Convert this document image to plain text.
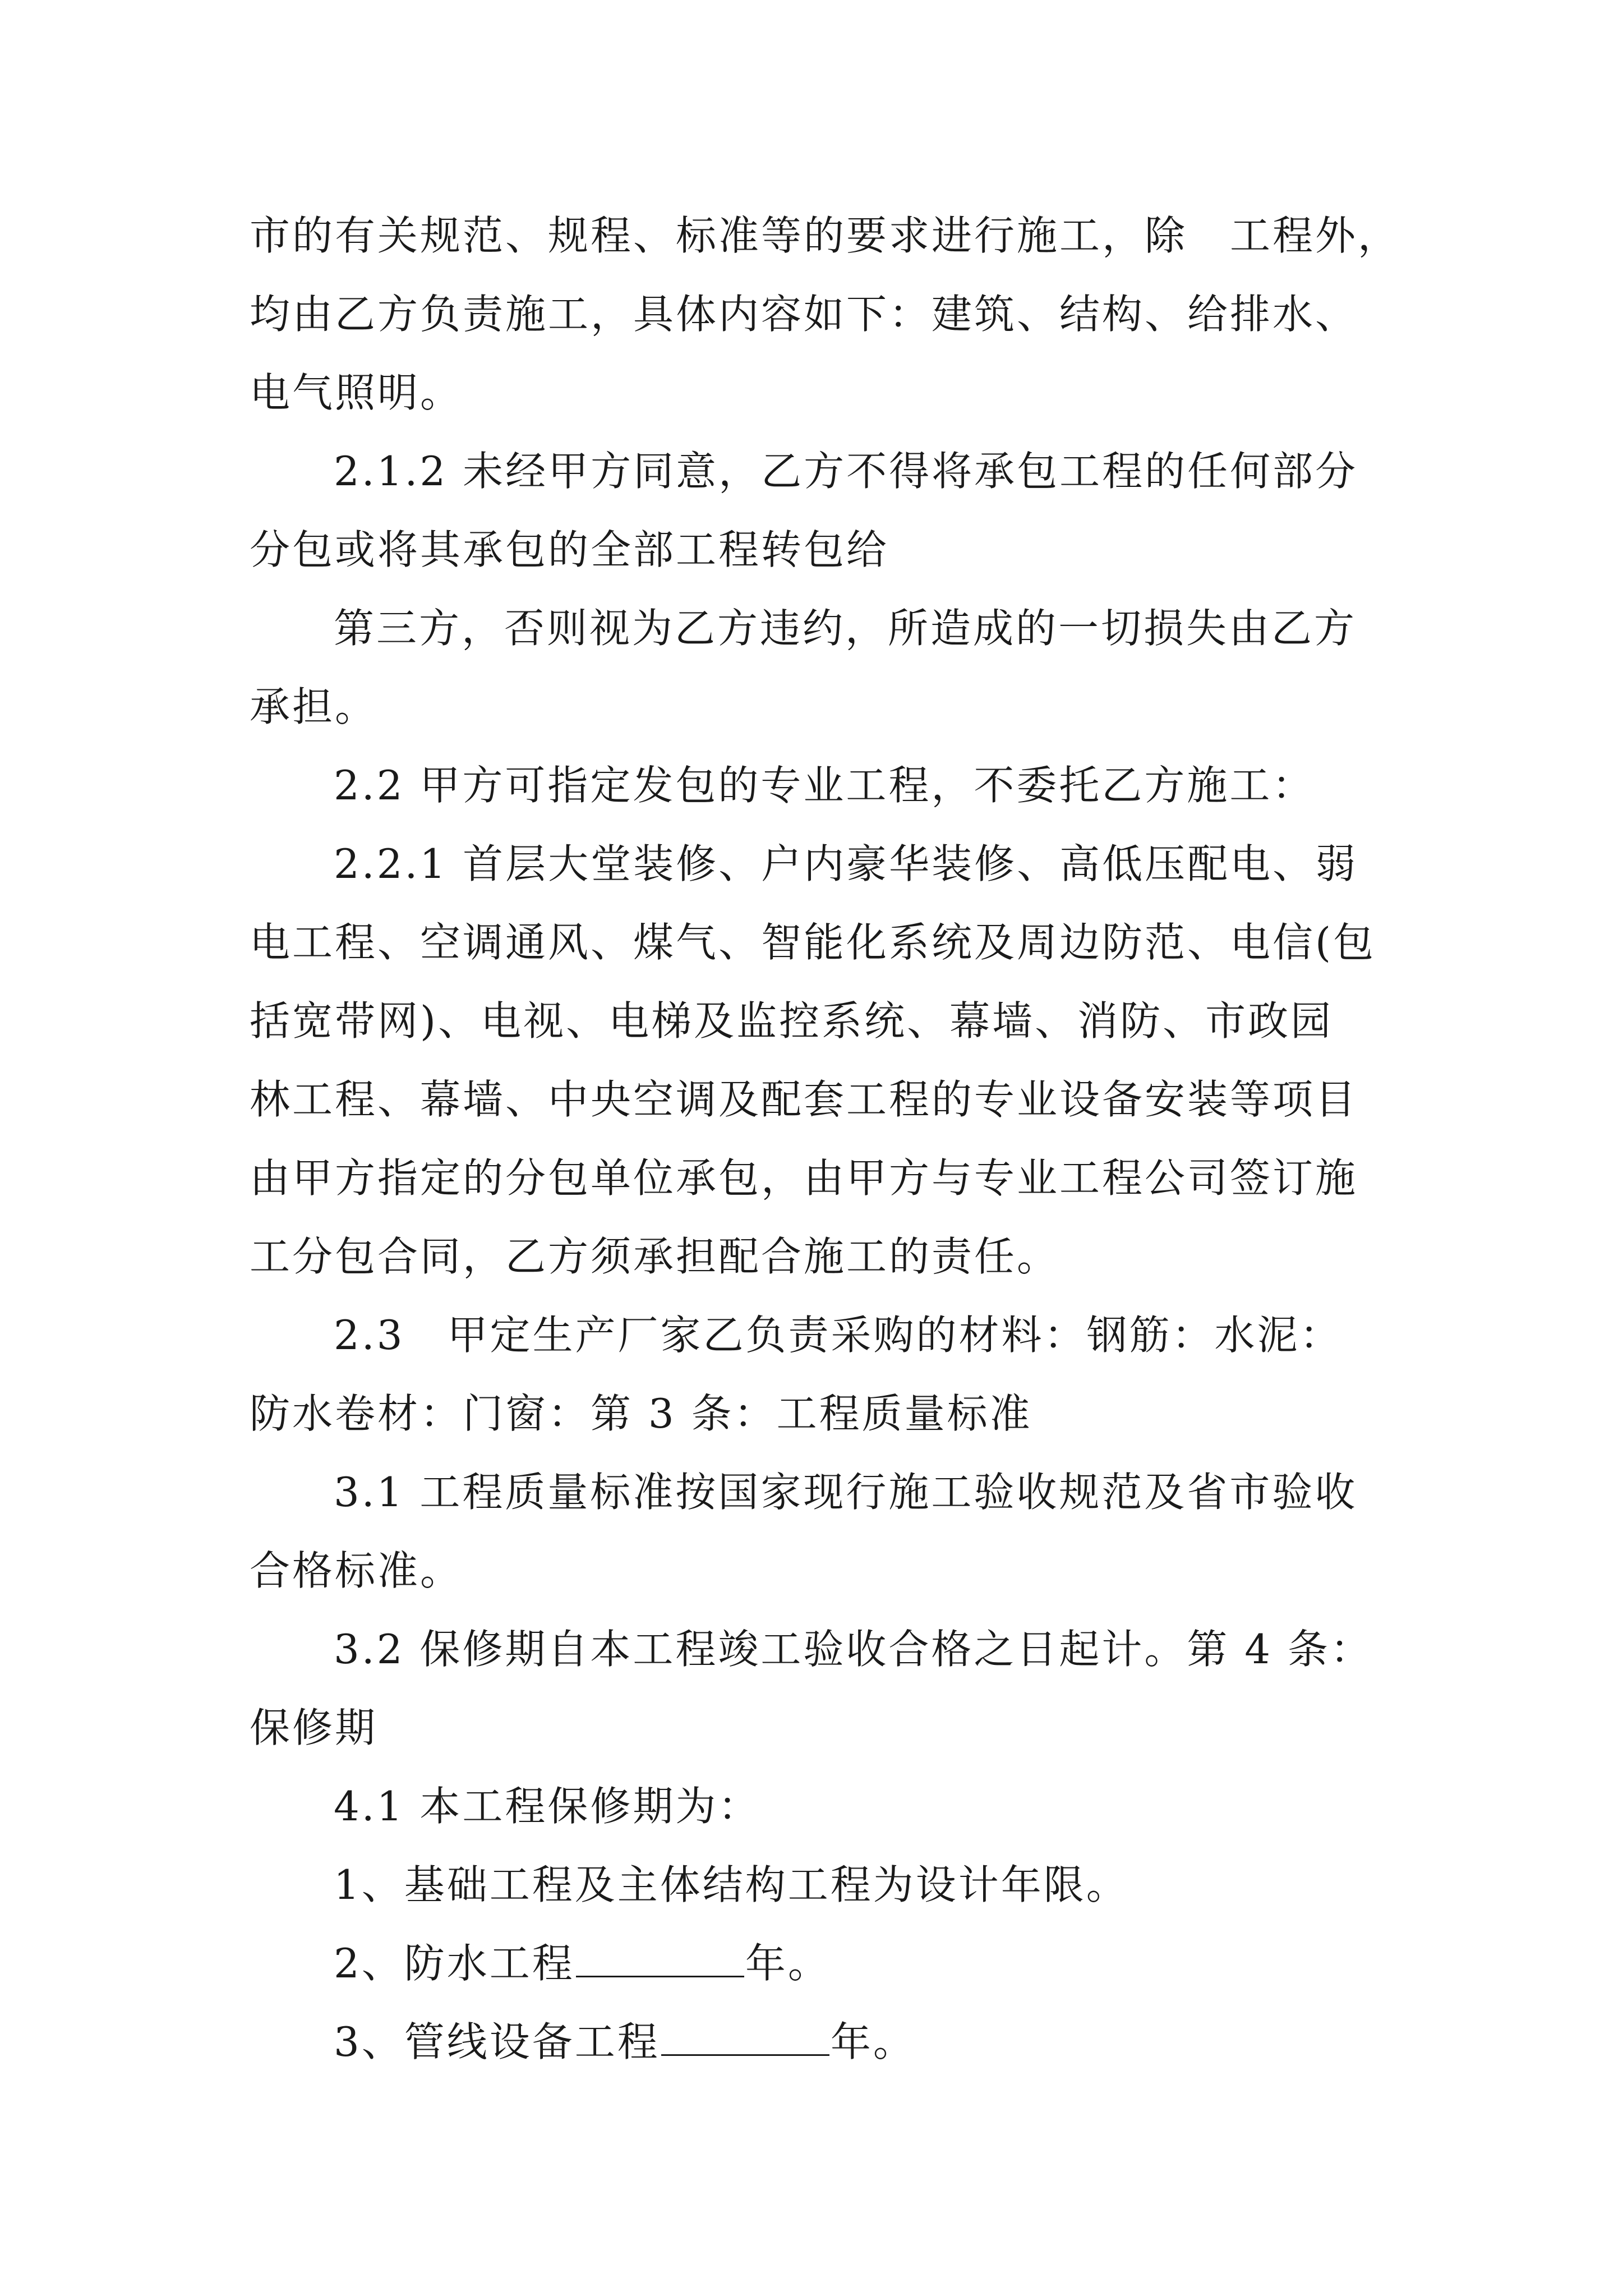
市的有关规范、规程、标准等的要求进行施工，除　工程外，
均由乙方负责施工，具体内容如下：建筑、结构、给排水、
电气照明。
2.1.2 未经甲方同意，乙方不得将承包工程的任何部分
分包或将其承包的全部工程转包给
第三方，否则视为乙方违约，所造成的一切损失由乙方
承担。
2.2 甲方可指定发包的专业工程，不委托乙方施工：
2.2.1 首层大堂装修、户内豪华装修、高低压配电、弱
电工程、空调通风、煤气、智能化系统及周边防范、电信(包
括宽带网)、电视、电梯及监控系统、幕墙、消防、市政园
林工程、幕墙、中央空调及配套工程的专业设备安装等项目
由甲方指定的分包单位承包，由甲方与专业工程公司签订施
工分包合同，乙方须承担配合施工的责任。
2.3　甲定生产厂家乙负责采购的材料：钢筋：水泥：
防水卷材：门窗：第 3 条：工程质量标准
3.1 工程质量标准按国家现行施工验收规范及省市验收
合格标准。
3.2 保修期自本工程竣工验收合格之日起计。第 4 条：
保修期
4.1 本工程保修期为：
1、基础工程及主体结构工程为设计年限。
2、防水工程	年。
3、管线设备工程	年。
